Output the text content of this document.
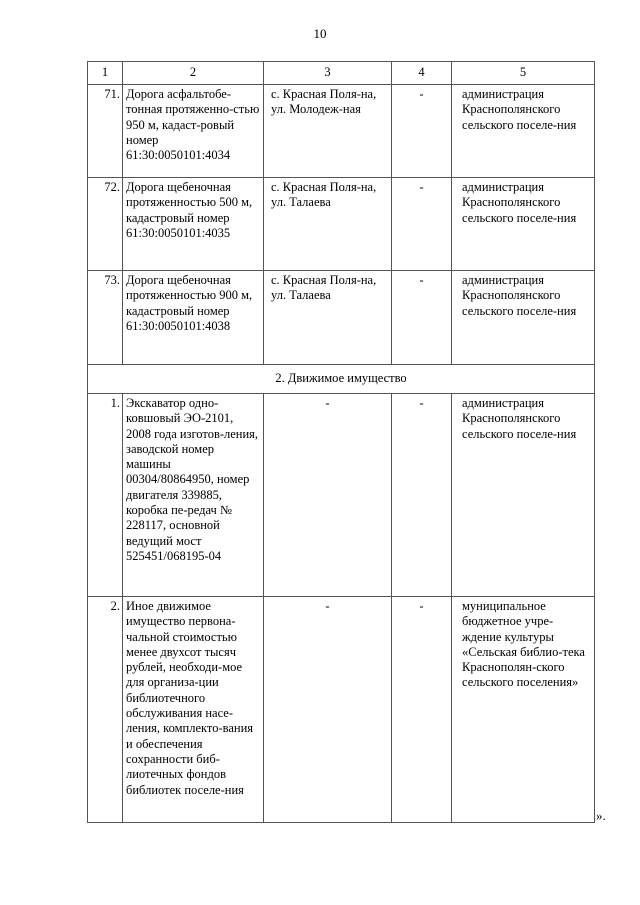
10
1	2	3	4	5
71.	Дорога асфальтобе-тонная протяженно-стью 950 м, кадаст-ровый номер 61:30:0050101:4034	с. Красная Поля-на, ул. Молодеж-ная	-	администрация Краснополянского сельского поселе-ния
72.	Дорога щебеночная протяженностью 500 м, кадастровый номер 61:30:0050101:4035	с. Красная Поля-на, ул. Талаева	-	администрация Краснополянского сельского поселе-ния
73.	Дорога щебеночная протяженностью 900 м, кадастровый номер 61:30:0050101:4038	с. Красная Поля-на, ул. Талаева	-	администрация Краснополянского сельского поселе-ния
2. Движимое имущество				
1.	Экскаватор одно-ковшовый ЭО-2101, 2008 года изготов-ления, заводской номер машины 00304/80864950, номер двигателя 339885, коробка пе-редач № 228117, основной ведущий мост 525451/068195-04	-	-	администрация Краснополянского сельского поселе-ния
2.	Иное движимое имущество первона-чальной стоимостью менее двухсот тысяч рублей, необходи-мое для организа-ции библиотечного обслуживания насе-ления, комплекто-вания и обеспечения сохранности биб-лиотечных фондов библиотек поселе-ния	-	-	муниципальное бюджетное учре-ждение культуры «Сельская библио-тека Краснополян-ского сельского поселения»
».
